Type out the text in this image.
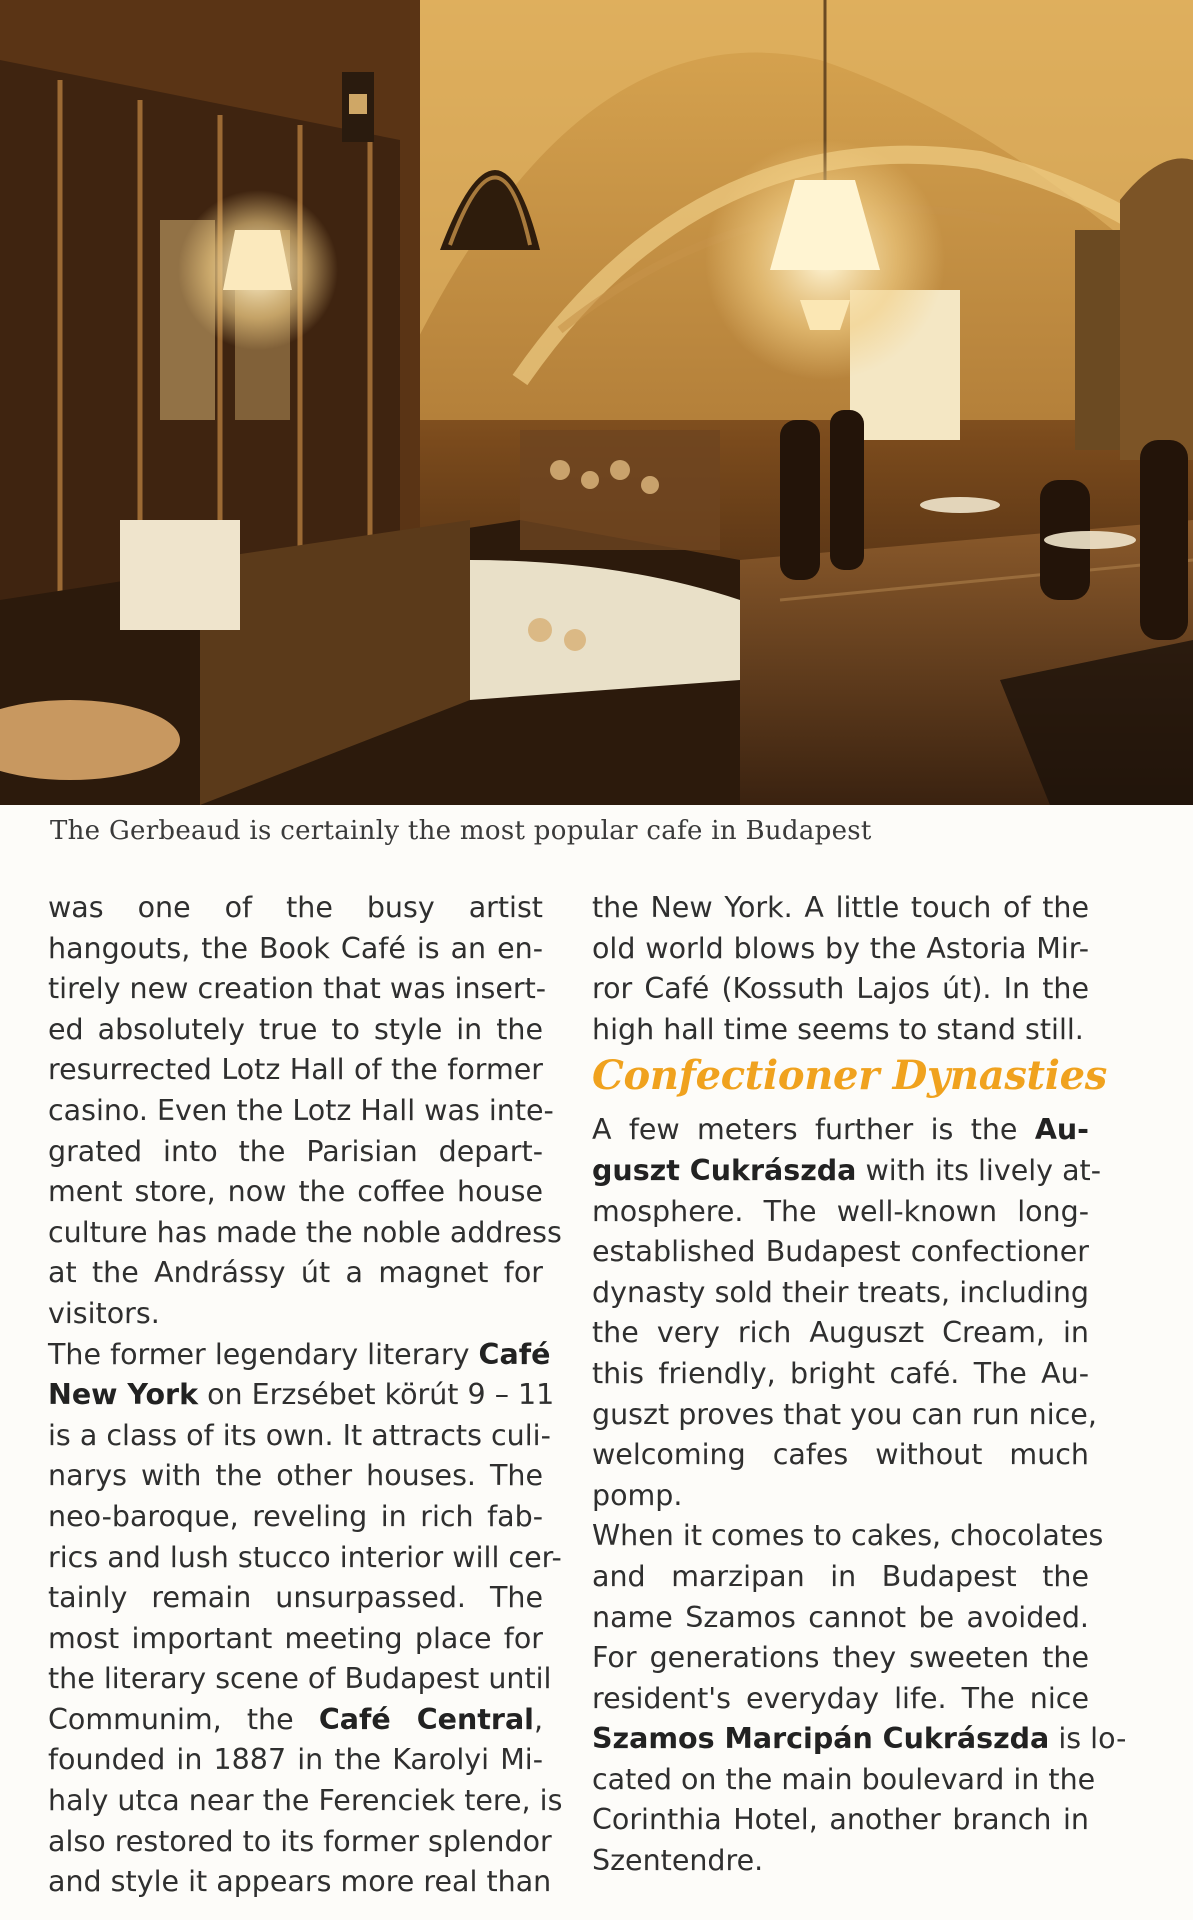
The Gerbeaud is certainly the most popular cafe in Budapest
was one of the busy artist
hangouts, the Book Café is an en-
tirely new creation that was insert-
ed absolutely true to style in the
resurrected Lotz Hall of the former
casino. Even the Lotz Hall was inte-
grated into the Parisian depart-
ment store, now the coffee house
culture has made the noble address
at the Andrássy út a magnet for
visitors.
The former legendary literary Café
New York on Erzsébet körút 9 – 11
is a class of its own. It attracts culi-
narys with the other houses. The
neo-baroque, reveling in rich fab-
rics and lush stucco interior will cer-
tainly remain unsurpassed. The
most important meeting place for
the literary scene of Budapest until
Communim, the Café Central,
founded in 1887 in the Karolyi Mi-
haly utca near the Ferenciek tere, is
also restored to its former splendor
and style it appears more real than
the New York. A little touch of the
old world blows by the Astoria Mir-
ror Café (Kossuth Lajos út). In the
high hall time seems to stand still.
Confectioner Dynasties
A few meters further is the Au-
guszt Cukrászda with its lively at-
mosphere. The well-known long-
established Budapest confectioner
dynasty sold their treats, including
the very rich Auguszt Cream, in
this friendly, bright café. The Au-
guszt proves that you can run nice,
welcoming cafes without much
pomp.
When it comes to cakes, chocolates
and marzipan in Budapest the
name Szamos cannot be avoided.
For generations they sweeten the
resident's everyday life. The nice
Szamos Marcipán Cukrászda is lo-
cated on the main boulevard in the
Corinthia Hotel, another branch in
Szentendre.
